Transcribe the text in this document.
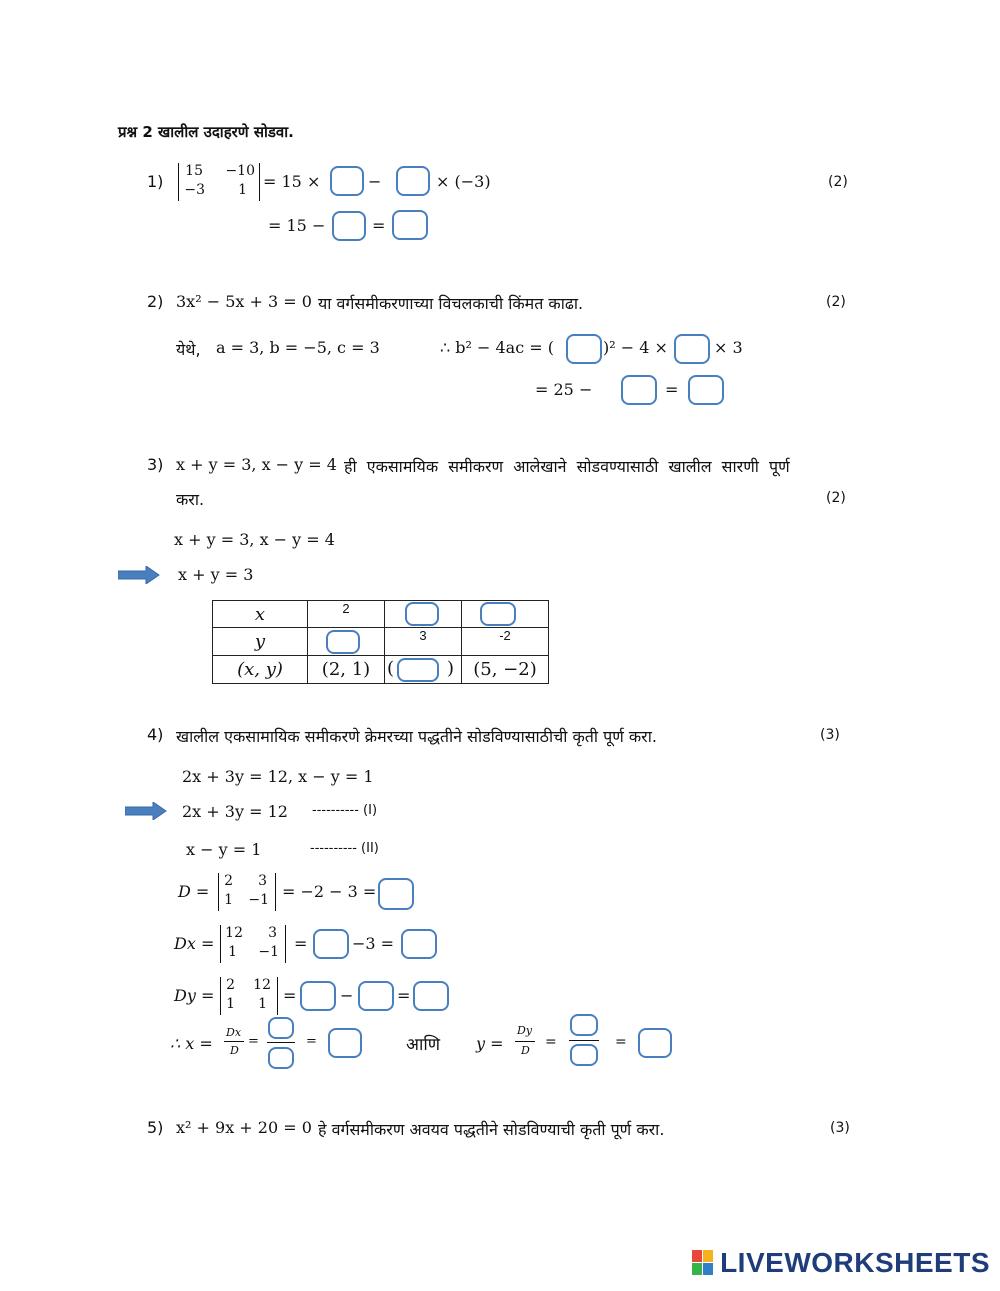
प्रश्न 2 खालील उदाहरणे सोडवा.
1)
15	−10
−3	1 = 15 ×	−	× (−3)	(2)
= 15 −	=
2) 3x² − 5x + 3 = 0 या वर्गसमीकरणाच्या विचलकाची किंमत काढा.	(2)
येथे, a = 3, b = −5, c = 3	∴ b² − 4ac = (	)² − 4 ×	× 3
= 25 −	=
3) x + y = 3, x − y = 4 ही एकसामयिक समीकरण आलेखाने सोडवण्यासाठी खालील सारणी पूर्ण
करा.	(2)
x + y = 3, x − y = 4
x + y = 3
x	2	

y		3	-2
(x, y)	(2, 1)	( )	(5, −2)
4) खालील एकसामायिक समीकरणे क्रेमरच्या पद्धतीने सोडविण्यासाठीची कृती पूर्ण करा.	(3)
2x + 3y = 12, x − y = 1
2x + 3y = 12 ---------- (I)
x − y = 1	---------- (II)
D =
2	3
1	−1 = −2 − 3 =
Dx =
12	3
1	−1 =	−3 =
Dy =
2 12
1	1 =	−	=
∴ x =
Dx
D
=	=	आणि y =
Dy
D
=	=
5) x² + 9x + 20 = 0 हे वर्गसमीकरण अवयव पद्धतीने सोडविण्याची कृती पूर्ण करा.	(3)
LIVEWORKSHEETS
